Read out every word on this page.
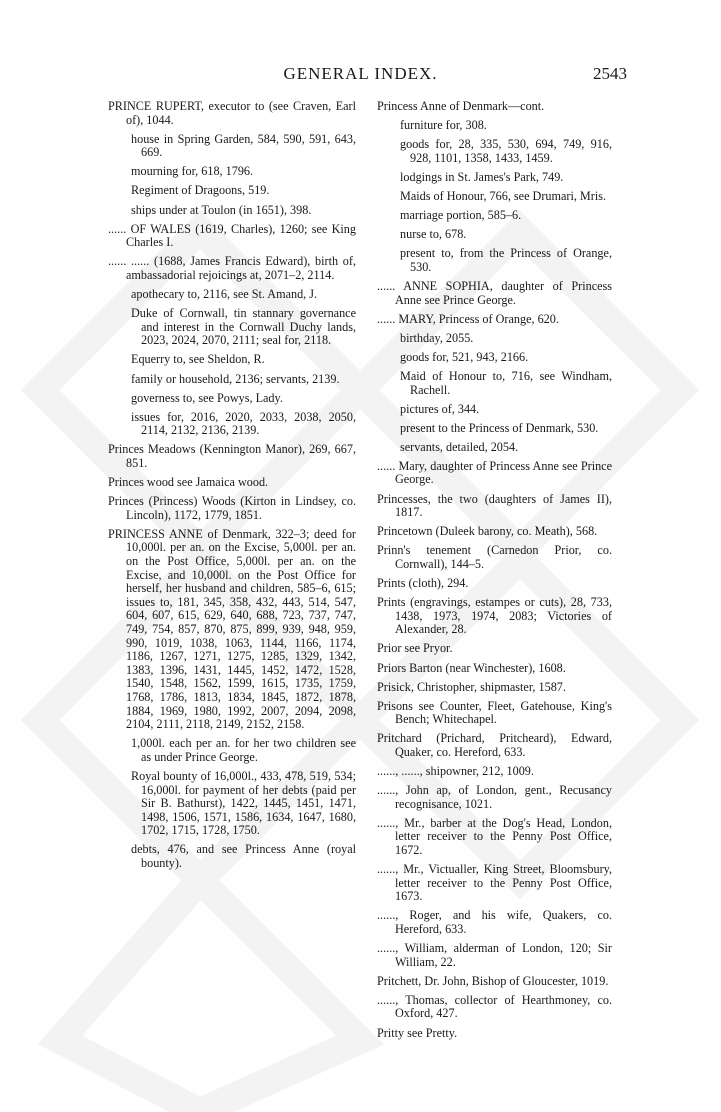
GENERAL INDEX.	2543

PRINCE RUPERT, executor to (see Craven, Earl of), 1044.

house in Spring Garden, 584, 590, 591, 643, 669.

mourning for, 618, 1796.

Regiment of Dragoons, 519.

ships under at Toulon (in 1651), 398.

...... OF WALES (1619, Charles), 1260; see King Charles I.

...... ...... (1688, James Francis Edward), birth of, ambassadorial rejoicings at, 2071–2, 2114.

apothecary to, 2116, see St. Amand, J.

Duke of Cornwall, tin stannary governance and interest in the Cornwall Duchy lands, 2023, 2024, 2070, 2111; seal for, 2118.

Equerry to, see Sheldon, R.

family or household, 2136; servants, 2139.

governess to, see Powys, Lady.

issues for, 2016, 2020, 2033, 2038, 2050, 2114, 2132, 2136, 2139.

Princes Meadows (Kennington Manor), 269, 667, 851.

Princes wood see Jamaica wood.

Princes (Princess) Woods (Kirton in Lindsey, co. Lincoln), 1172, 1779, 1851.

PRINCESS ANNE of Denmark, 322–3; deed for 10,000l. per an. on the Excise, 5,000l. per an. on the Post Office, 5,000l. per an. on the Excise, and 10,000l. on the Post Office for herself, her husband and children, 585–6, 615; issues to, 181, 345, 358, 432, 443, 514, 547, 604, 607, 615, 629, 640, 688, 723, 737, 747, 749, 754, 857, 870, 875, 899, 939, 948, 959, 990, 1019, 1038, 1063, 1144, 1166, 1174, 1186, 1267, 1271, 1275, 1285, 1329, 1342, 1383, 1396, 1431, 1445, 1452, 1472, 1528, 1540, 1548, 1562, 1599, 1615, 1735, 1759, 1768, 1786, 1813, 1834, 1845, 1872, 1878, 1884, 1969, 1980, 1992, 2007, 2094, 2098, 2104, 2111, 2118, 2149, 2152, 2158.

1,000l. each per an. for her two children see as under Prince George.

Royal bounty of 16,000l., 433, 478, 519, 534; 16,000l. for payment of her debts (paid per Sir B. Bathurst), 1422, 1445, 1451, 1471, 1498, 1506, 1571, 1586, 1634, 1647, 1680, 1702, 1715, 1728, 1750.

debts, 476, and see Princess Anne (royal bounty).

Princess Anne of Denmark—cont.

furniture for, 308.

goods for, 28, 335, 530, 694, 749, 916, 928, 1101, 1358, 1433, 1459.

lodgings in St. James's Park, 749.

Maids of Honour, 766, see Drumari, Mris.

marriage portion, 585–6.

nurse to, 678.

present to, from the Princess of Orange, 530.

...... ANNE SOPHIA, daughter of Princess Anne see Prince George.

...... MARY, Princess of Orange, 620.

birthday, 2055.

goods for, 521, 943, 2166.

Maid of Honour to, 716, see Windham, Rachell.

pictures of, 344.

present to the Princess of Denmark, 530.

servants, detailed, 2054.

...... Mary, daughter of Princess Anne see Prince George.

Princesses, the two (daughters of James II), 1817.

Princetown (Duleek barony, co. Meath), 568.

Prinn's tenement (Carnedon Prior, co. Cornwall), 144–5.

Prints (cloth), 294.

Prints (engravings, estampes or cuts), 28, 733, 1438, 1973, 1974, 2083; Victories of Alexander, 28.

Prior see Pryor.

Priors Barton (near Winchester), 1608.

Prisick, Christopher, shipmaster, 1587.

Prisons see Counter, Fleet, Gatehouse, King's Bench; Whitechapel.

Pritchard (Prichard, Pritcheard), Edward, Quaker, co. Hereford, 633.

......, ......, shipowner, 212, 1009.

......, John ap, of London, gent., Recusancy recognisance, 1021.

......, Mr., barber at the Dog's Head, London, letter receiver to the Penny Post Office, 1672.

......, Mr., Victualler, King Street, Bloomsbury, letter receiver to the Penny Post Office, 1673.

......, Roger, and his wife, Quakers, co. Hereford, 633.

......, William, alderman of London, 120; Sir William, 22.

Pritchett, Dr. John, Bishop of Gloucester, 1019.

......, Thomas, collector of Hearthmoney, co. Oxford, 427.

Pritty see Pretty.
